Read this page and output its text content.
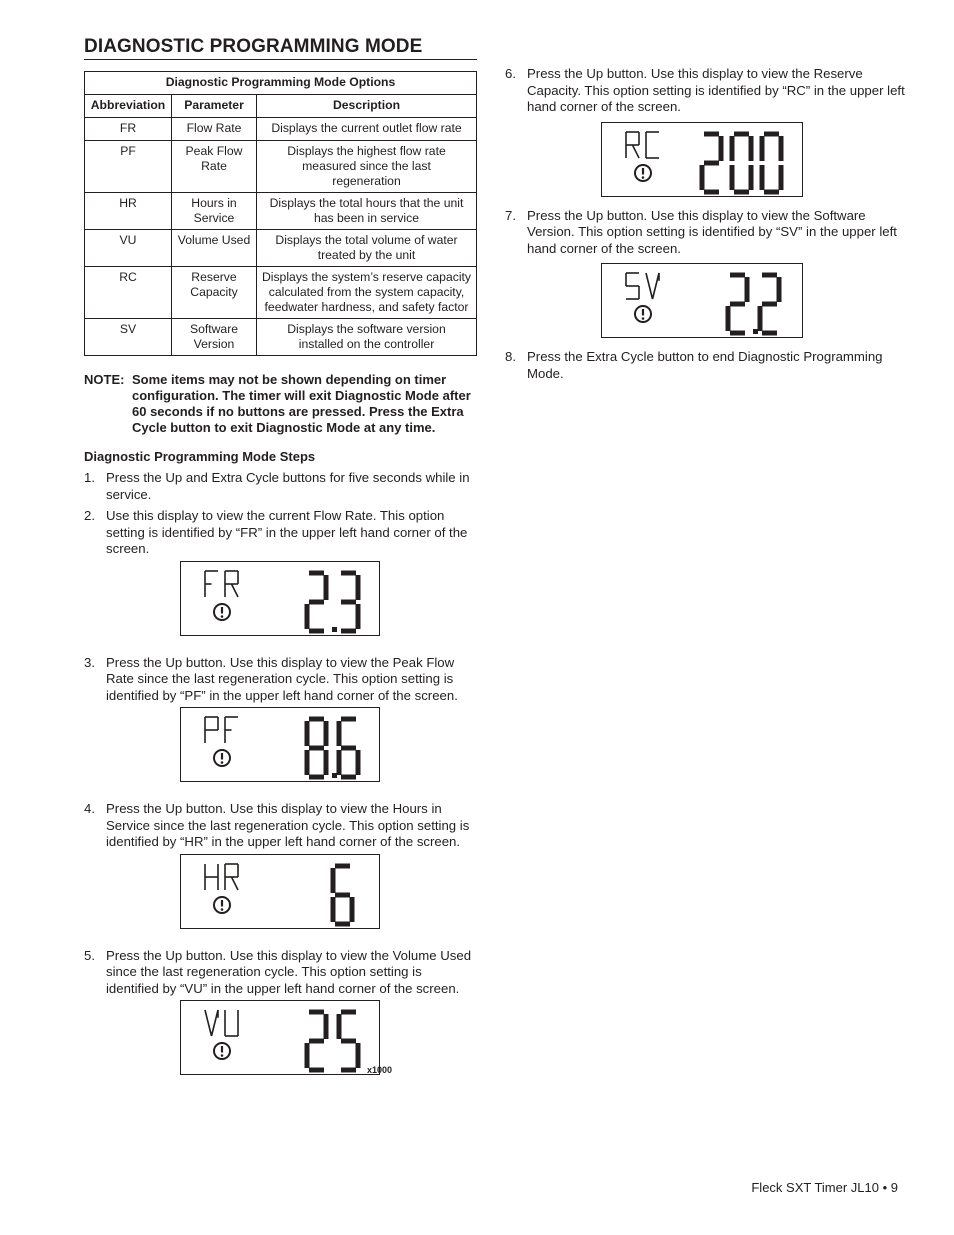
DIAGNOSTIC PROGRAMMING MODE
Diagnostic Programming Mode Options		
Abbreviation	Parameter	Description
FR	Flow Rate	Displays the current outlet flow rate
PF	Peak Flow Rate	Displays the highest flow rate measured since the last regeneration
HR	Hours in Service	Displays the total hours that the unit has been in service
VU	Volume Used	Displays the total volume of water treated by the unit
RC	Reserve Capacity	Displays the system’s reserve capacity calculated from the system capacity, feedwater hardness, and safety factor
SV	Software Version	Displays the software version installed on the controller
NOTE: Some items may not be shown depending on timer configuration. The timer will exit Diagnostic Mode after 60 seconds if no buttons are pressed. Press the Extra Cycle button to exit Diagnostic Mode at any time.
Diagnostic Programming Mode Steps
1. Press the Up and Extra Cycle buttons for five seconds while in service.
2. Use this display to view the current Flow Rate. This option setting is identified by “FR” in the upper left hand corner of the screen.
3. Press the Up button. Use this display to view the Peak Flow Rate since the last regeneration cycle. This option setting is identified by “PF” in the upper left hand corner of the screen.
4. Press the Up button. Use this display to view the Hours in Service since the last regeneration cycle. This option setting is identified by “HR” in the upper left hand corner of the screen.
5. Press the Up button. Use this display to view the Volume Used since the last regeneration cycle. This option setting is identified by “VU” in the upper left hand corner of the screen.
x1000
6. Press the Up button. Use this display to view the Reserve Capacity. This option setting is identified by “RC” in the upper left hand corner of the screen.
7. Press the Up button. Use this display to view the Software Version. This option setting is identified by “SV” in the upper left hand corner of the screen.
8. Press the Extra Cycle button to end Diagnostic Programming Mode.
Fleck SXT Timer JL10 • 9
